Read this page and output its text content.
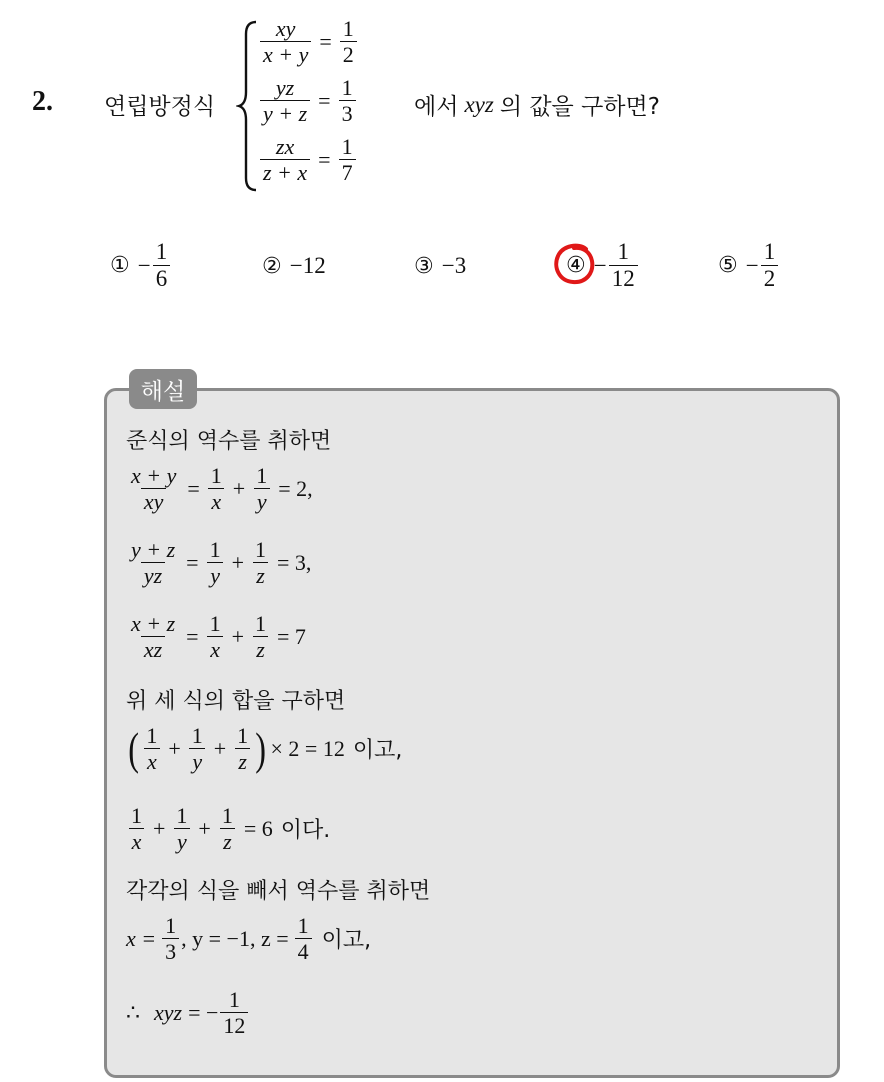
2. 연립방정식
$\frac{xy}{x + y} = \frac{1}{2}$
$\frac{yz}{y + z} = \frac{1}{3}$
$\frac{zx}{z + x} = \frac{1}{7}$
에서 xyz 의 값을 구하면?
① − $\frac{1}{6}$	② −12	③ −3	④ − $\frac{1}{12}$	⑤ − $\frac{1}{2}$
해설
준식의 역수를 취하면
$\frac{x + y}{xy} = \frac{1}{x} + \frac{1}{y} = 2$,
$\frac{y + z}{yz} = \frac{1}{y} + \frac{1}{z} = 3$,
$\frac{x + z}{xz} = \frac{1}{x} + \frac{1}{z} = 7$
위 세 식의 합을 구하면
( $\frac{1}{x} + \frac{1}{y} + \frac{1}{z}$ ) × 2 = 12 이고,
$\frac{1}{x} + \frac{1}{y} + \frac{1}{z} = 6$ 이다.
각각의 식을 빼서 역수를 취하면
$x = \frac{1}{3}$ , y = −1, $z = \frac{1}{4}$ 이고,
∴ xyz = − $\frac{1}{12}$
